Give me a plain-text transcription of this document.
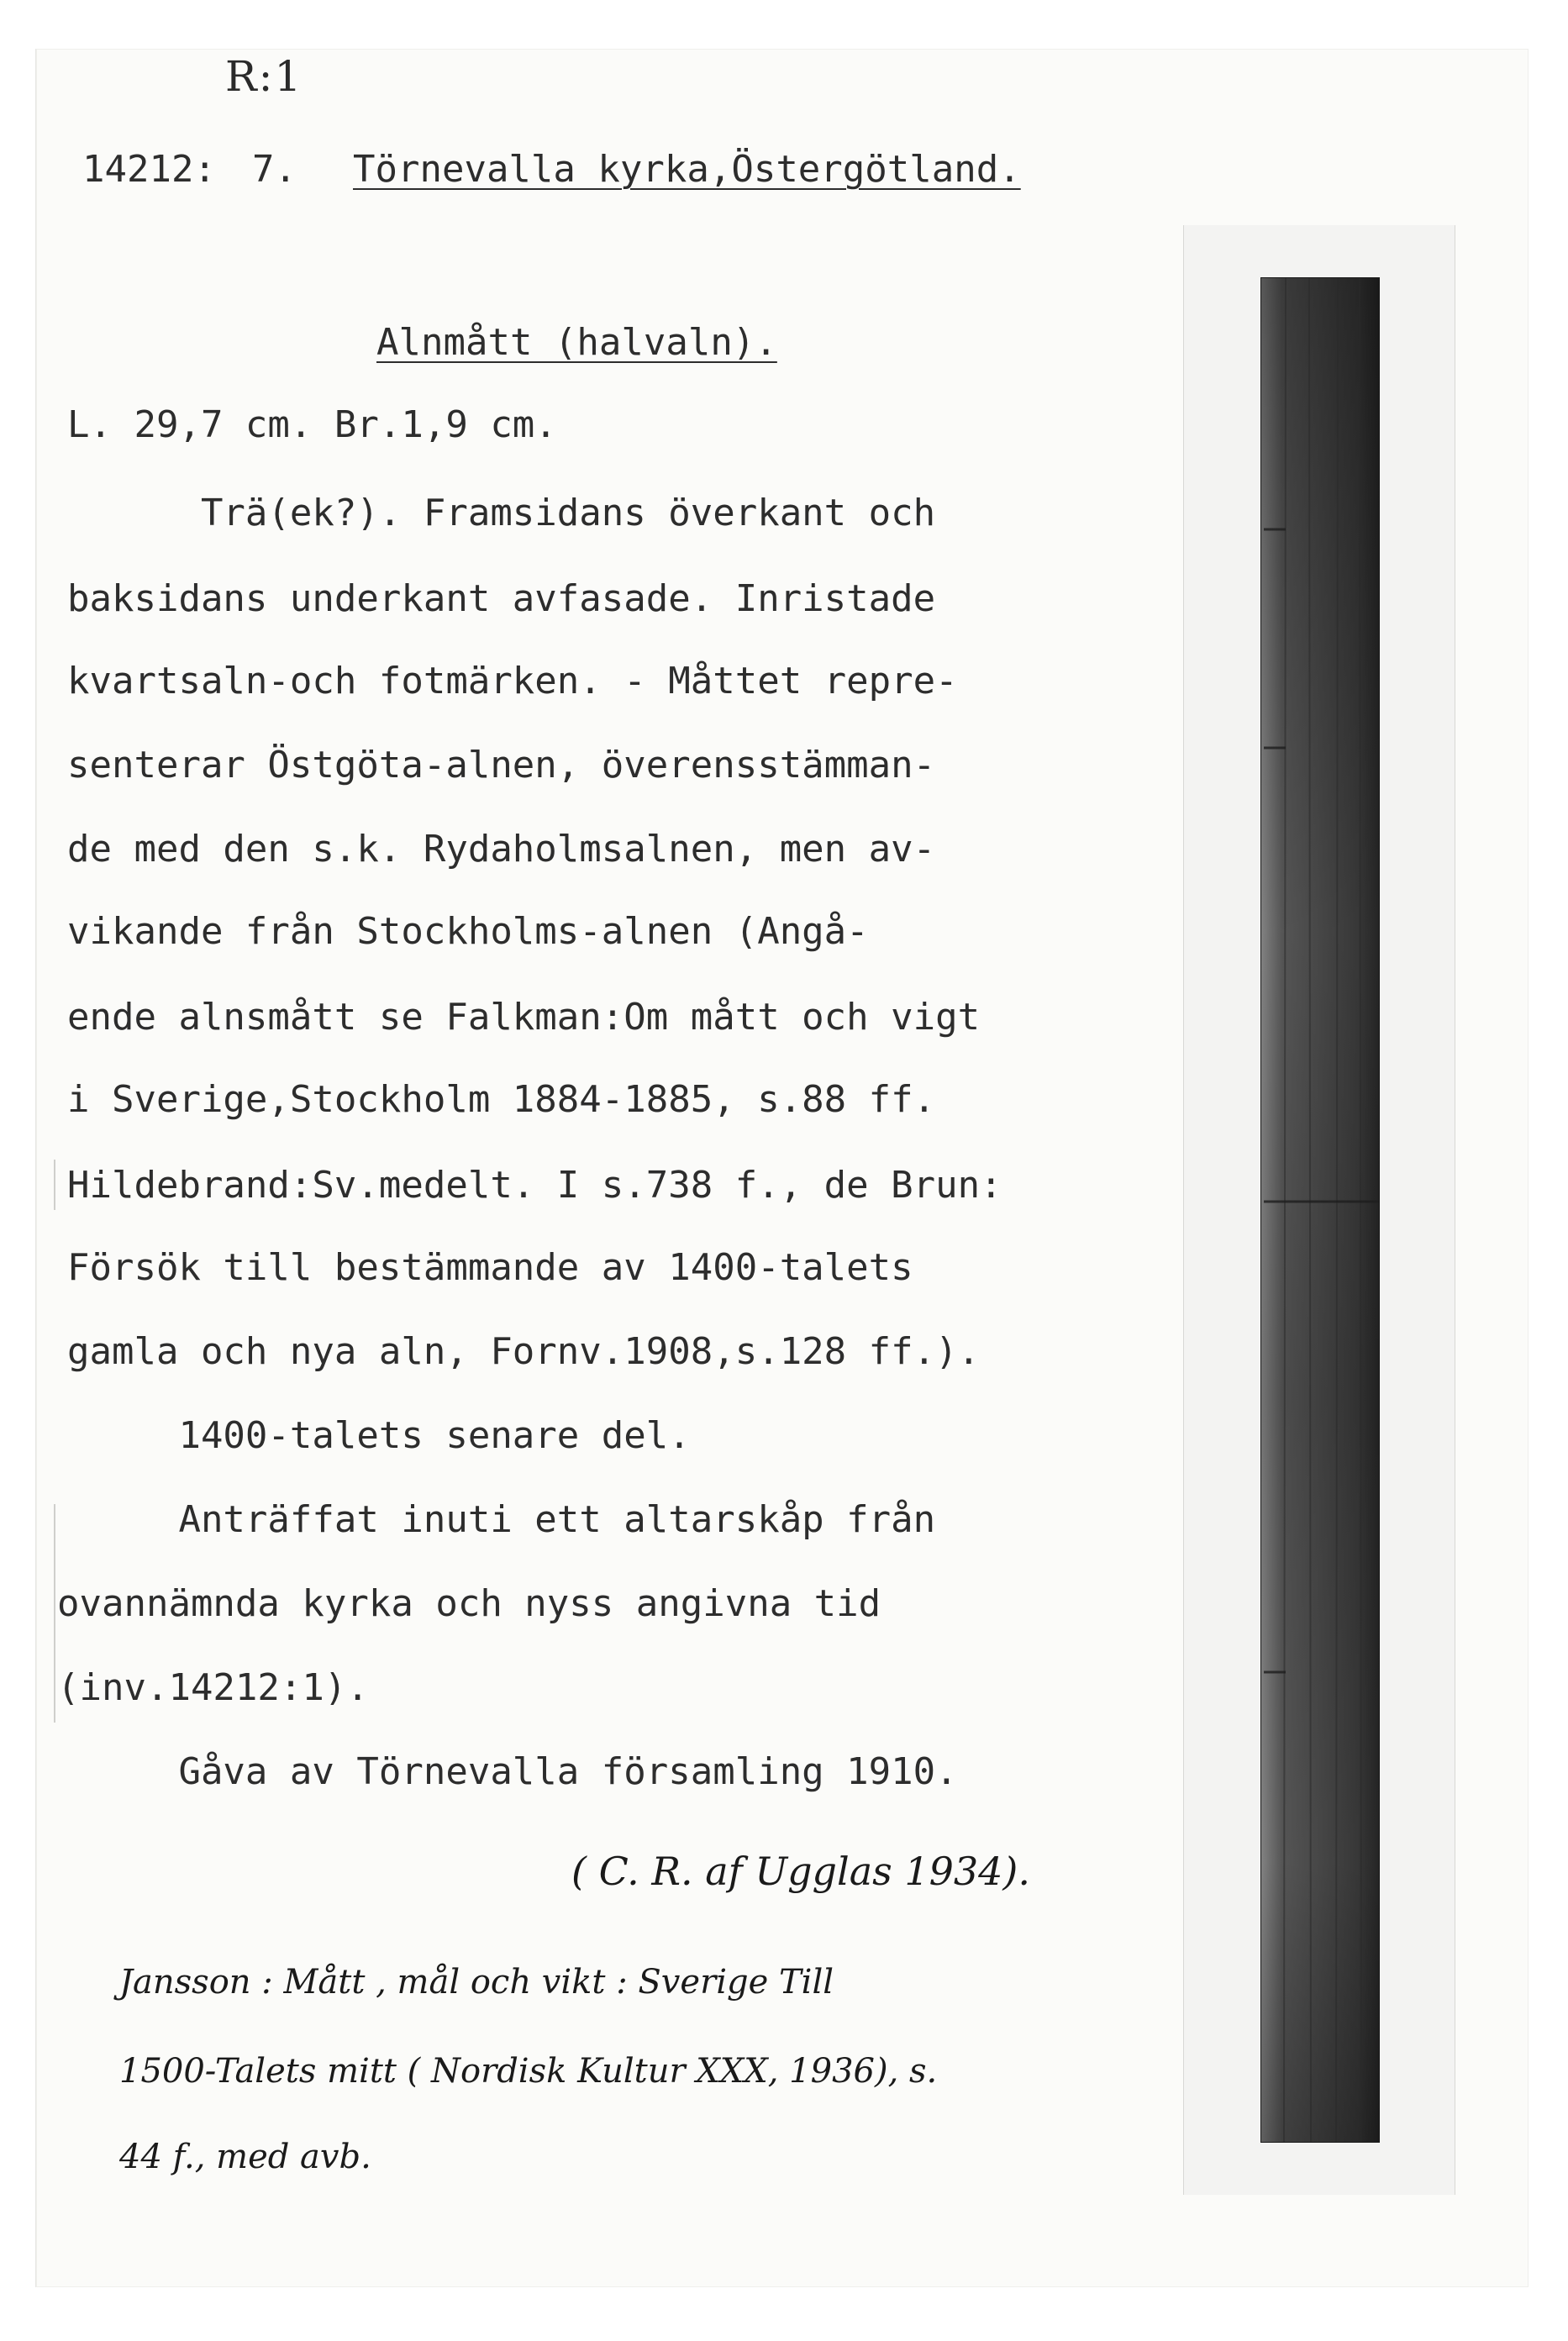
R:1
14212: 7. Törnevalla kyrka,Östergötland.
Alnmått (halvaln).
L. 29,7 cm. Br.1,9 cm.
Trä(ek?). Framsidans överkant och
baksidans underkant avfasade. Inristade
kvartsaln-och fotmärken. - Måttet repre-
senterar Östgöta-alnen, överensstämman-
de med den s.k. Rydaholmsalnen, men av-
vikande från Stockholms-alnen (Angå-
ende alnsmått se Falkman:Om mått och vigt
i Sverige,Stockholm 1884-1885, s.88 ff.
Hildebrand:Sv.medelt. I s.738 f., de Brun:
Försök till bestämmande av 1400-talets
gamla och nya aln, Fornv.1908,s.128 ff.).
1400-talets senare del.
Anträffat inuti ett altarskåp från
ovannämnda kyrka och nyss angivna tid
(inv.14212:1).
Gåva av Törnevalla församling 1910.
( C. R. af Ugglas 1934).
Jansson : Mått , mål och vikt : Sverige Till
1500-Talets mitt ( Nordisk Kultur XXX, 1936), s.
44 f., med avb.
